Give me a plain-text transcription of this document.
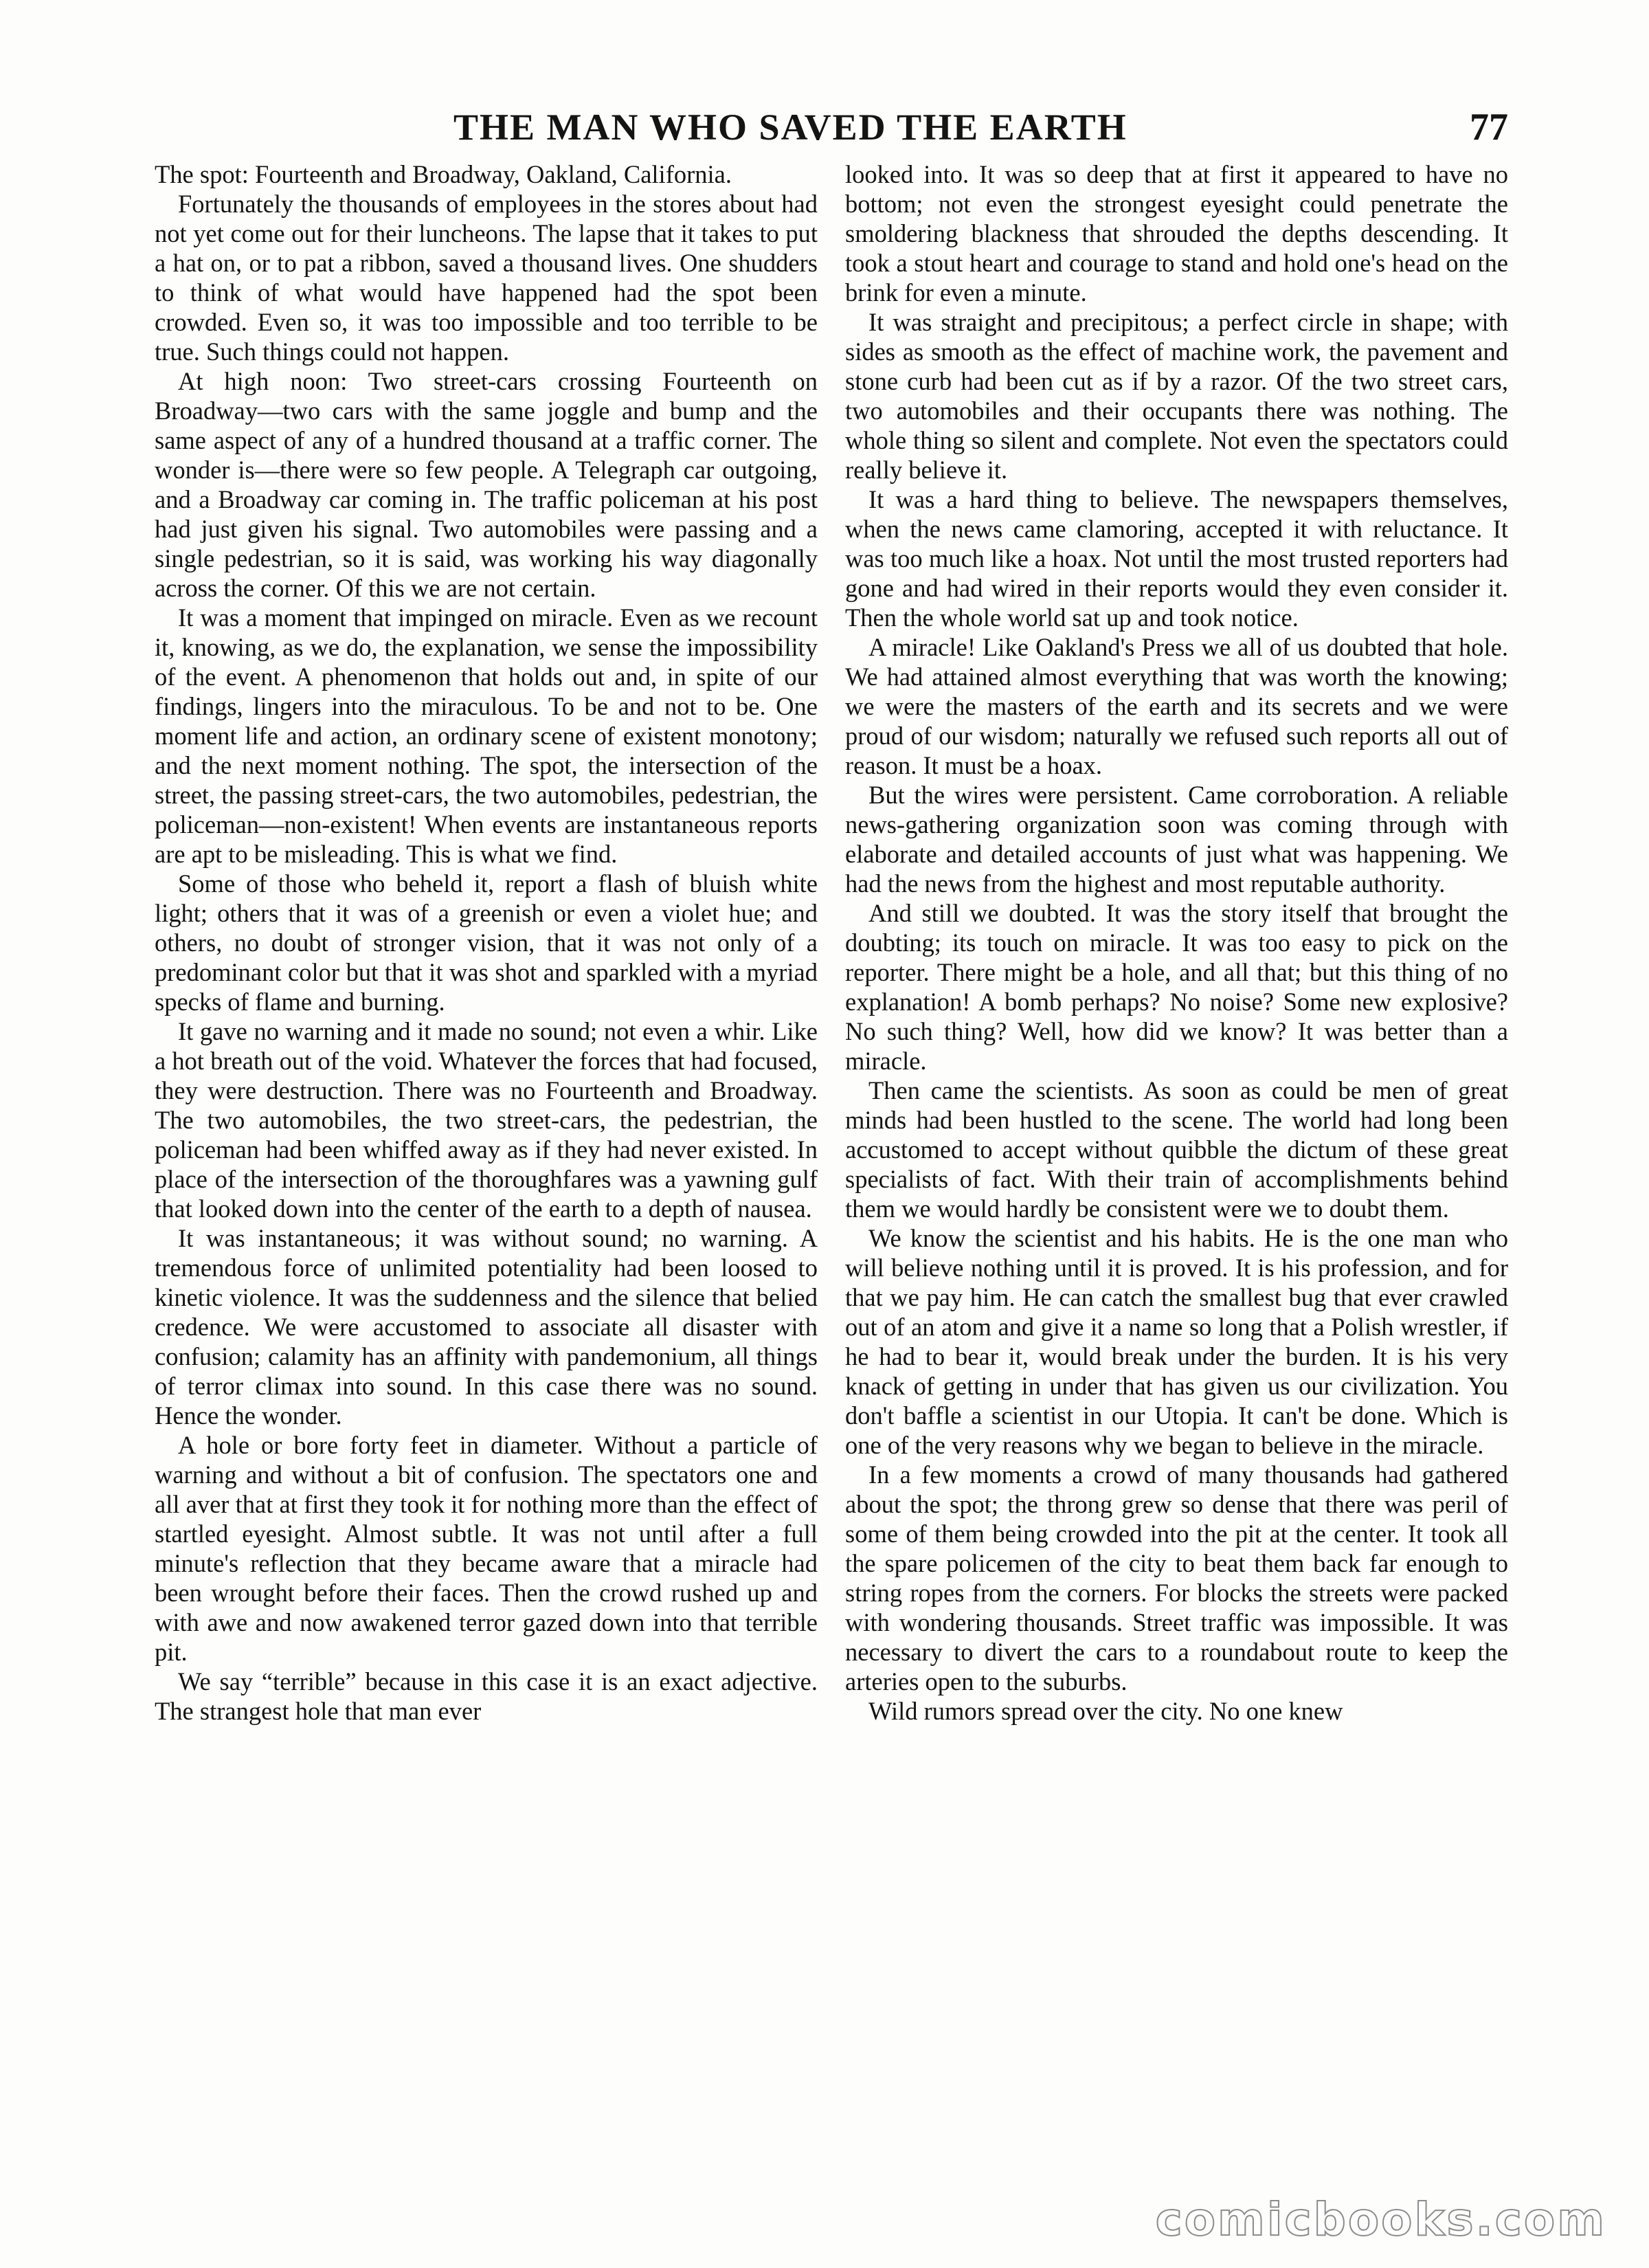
THE MAN WHO SAVED THE EARTH	77

The spot: Fourteenth and Broadway, Oakland, California.

Fortunately the thousands of employees in the stores about had not yet come out for their luncheons. The lapse that it takes to put a hat on, or to pat a ribbon, saved a thousand lives. One shudders to think of what would have happened had the spot been crowded. Even so, it was too impossible and too terrible to be true. Such things could not happen.

At high noon: Two street-cars crossing Fourteenth on Broadway—two cars with the same joggle and bump and the same aspect of any of a hundred thousand at a traffic corner. The wonder is—there were so few people. A Telegraph car outgoing, and a Broadway car coming in. The traffic policeman at his post had just given his signal. Two automobiles were passing and a single pedestrian, so it is said, was working his way diagonally across the corner. Of this we are not certain.

It was a moment that impinged on miracle. Even as we recount it, knowing, as we do, the explanation, we sense the impossibility of the event. A phenomenon that holds out and, in spite of our findings, lingers into the miraculous. To be and not to be. One moment life and action, an ordinary scene of existent monotony; and the next moment nothing. The spot, the intersection of the street, the passing street-cars, the two automobiles, pedestrian, the policeman—non-existent! When events are instantaneous reports are apt to be misleading. This is what we find.

Some of those who beheld it, report a flash of bluish white light; others that it was of a greenish or even a violet hue; and others, no doubt of stronger vision, that it was not only of a predominant color but that it was shot and sparkled with a myriad specks of flame and burning.

It gave no warning and it made no sound; not even a whir. Like a hot breath out of the void. Whatever the forces that had focused, they were destruction. There was no Fourteenth and Broadway. The two automobiles, the two street-cars, the pedestrian, the policeman had been whiffed away as if they had never existed. In place of the intersection of the thoroughfares was a yawning gulf that looked down into the center of the earth to a depth of nausea.

It was instantaneous; it was without sound; no warning. A tremendous force of unlimited potentiality had been loosed to kinetic violence. It was the suddenness and the silence that belied credence. We were accustomed to associate all disaster with confusion; calamity has an affinity with pandemonium, all things of terror climax into sound. In this case there was no sound. Hence the wonder.

A hole or bore forty feet in diameter. Without a particle of warning and without a bit of confusion. The spectators one and all aver that at first they took it for nothing more than the effect of startled eyesight. Almost subtle. It was not until after a full minute's reflection that they became aware that a miracle had been wrought before their faces. Then the crowd rushed up and with awe and now awakened terror gazed down into that terrible pit.

We say “terrible” because in this case it is an exact adjective. The strangest hole that man ever

looked into. It was so deep that at first it appeared to have no bottom; not even the strongest eyesight could penetrate the smoldering blackness that shrouded the depths descending. It took a stout heart and courage to stand and hold one's head on the brink for even a minute.

It was straight and precipitous; a perfect circle in shape; with sides as smooth as the effect of machine work, the pavement and stone curb had been cut as if by a razor. Of the two street cars, two automobiles and their occupants there was nothing. The whole thing so silent and complete. Not even the spectators could really believe it.

It was a hard thing to believe. The newspapers themselves, when the news came clamoring, accepted it with reluctance. It was too much like a hoax. Not until the most trusted reporters had gone and had wired in their reports would they even consider it. Then the whole world sat up and took notice.

A miracle! Like Oakland's Press we all of us doubted that hole. We had attained almost everything that was worth the knowing; we were the masters of the earth and its secrets and we were proud of our wisdom; naturally we refused such reports all out of reason. It must be a hoax.

But the wires were persistent. Came corroboration. A reliable news-gathering organization soon was coming through with elaborate and detailed accounts of just what was happening. We had the news from the highest and most reputable authority.

And still we doubted. It was the story itself that brought the doubting; its touch on miracle. It was too easy to pick on the reporter. There might be a hole, and all that; but this thing of no explanation! A bomb perhaps? No noise? Some new explosive? No such thing? Well, how did we know? It was better than a miracle.

Then came the scientists. As soon as could be men of great minds had been hustled to the scene. The world had long been accustomed to accept without quibble the dictum of these great specialists of fact. With their train of accomplishments behind them we would hardly be consistent were we to doubt them.

We know the scientist and his habits. He is the one man who will believe nothing until it is proved. It is his profession, and for that we pay him. He can catch the smallest bug that ever crawled out of an atom and give it a name so long that a Polish wrestler, if he had to bear it, would break under the burden. It is his very knack of getting in under that has given us our civilization. You don't baffle a scientist in our Utopia. It can't be done. Which is one of the very reasons why we began to believe in the miracle.

In a few moments a crowd of many thousands had gathered about the spot; the throng grew so dense that there was peril of some of them being crowded into the pit at the center. It took all the spare policemen of the city to beat them back far enough to string ropes from the corners. For blocks the streets were packed with wondering thousands. Street traffic was impossible. It was necessary to divert the cars to a roundabout route to keep the arteries open to the suburbs.

Wild rumors spread over the city. No one knew

comicbooks.com
